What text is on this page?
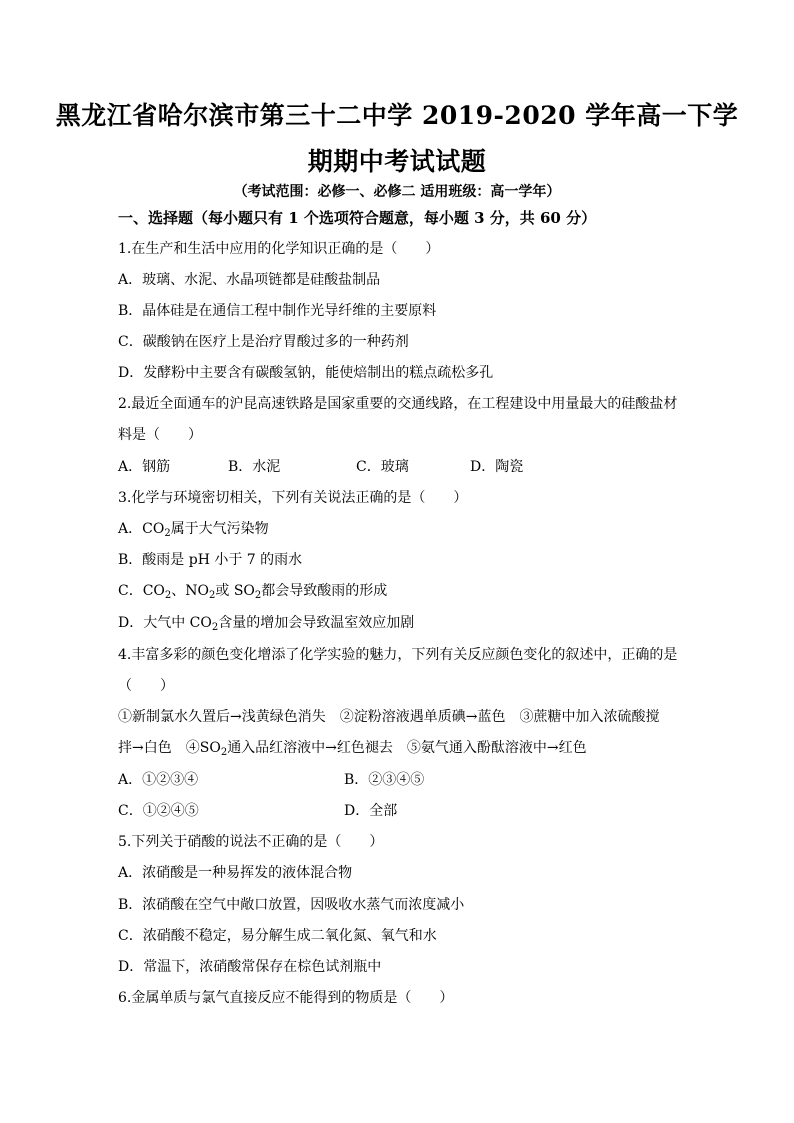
黑龙江省哈尔滨市第三十二中学 2019-2020 学年高一下学
期期中考试试题
（考试范围：必修一、必修二 适用班级：高一学年）
一、选择题（每小题只有 1 个选项符合题意，每小题 3 分，共 60 分）
1.在生产和生活中应用的化学知识正确的是（　　）
A．玻璃、水泥、水晶项链都是硅酸盐制品
B．晶体硅是在通信工程中制作光导纤维的主要原料
C．碳酸钠在医疗上是治疗胃酸过多的一种药剂
D．发酵粉中主要含有碳酸氢钠，能使焙制出的糕点疏松多孔
2.最近全面通车的沪昆高速铁路是国家重要的交通线路，在工程建设中用量最大的硅酸盐材
料是（　　）
A．钢筋	B．水泥	C．玻璃	D．陶瓷
3.化学与环境密切相关，下列有关说法正确的是（　　）
A．$CO_2$属于大气污染物
B．酸雨是 pH 小于 7 的雨水
C．$CO_2$、$NO_2$或 $SO_2$都会导致酸雨的形成
D．大气中 $CO_2$含量的增加会导致温室效应加剧
4.丰富多彩的颜色变化增添了化学实验的魅力，下列有关反应颜色变化的叙述中，正确的是
（　　）
①新制氯水久置后→浅黄绿色消失　②淀粉溶液遇单质碘→蓝色　③蔗糖中加入浓硫酸搅
拌→白色　$④SO_2$通入品红溶液中→红色褪去　⑤氨气通入酚酞溶液中→红色
A．①②③④	B．②③④⑤
C．①②④⑤	D．全部
5.下列关于硝酸的说法不正确的是（　　）
A．浓硝酸是一种易挥发的液体混合物
B．浓硝酸在空气中敞口放置，因吸收水蒸气而浓度减小
C．浓硝酸不稳定，易分解生成二氧化氮、氧气和水
D．常温下，浓硝酸常保存在棕色试剂瓶中
6.金属单质与氯气直接反应不能得到的物质是（　　）
